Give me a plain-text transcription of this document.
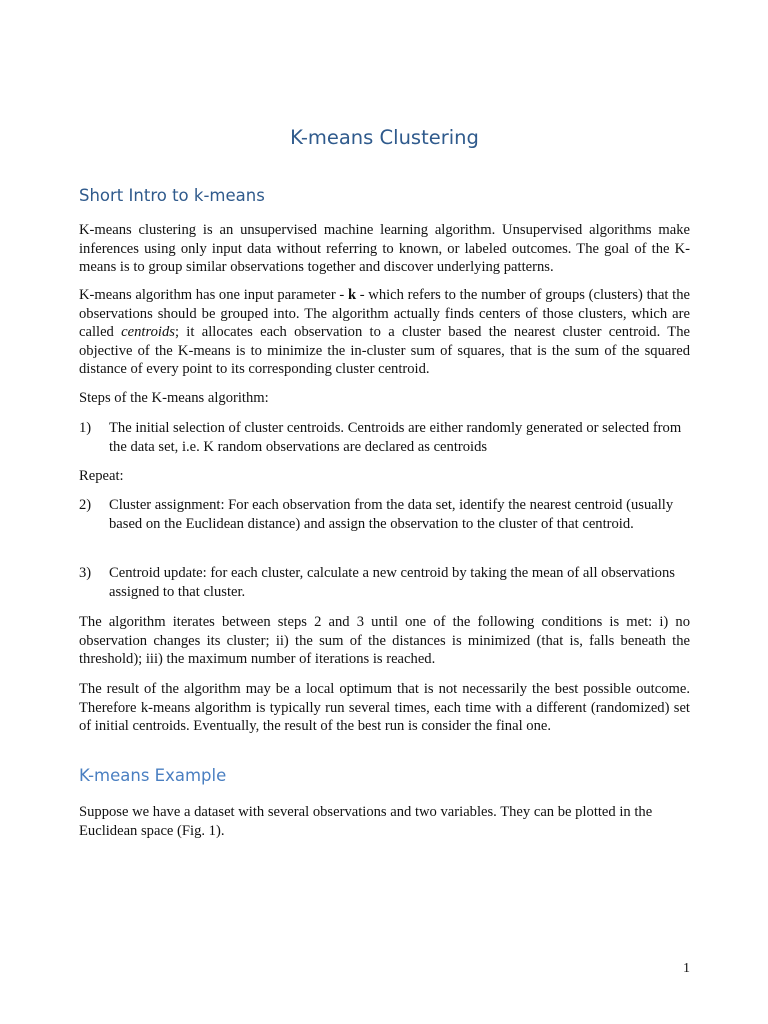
K-means Clustering
Short Intro to k-means

K-means clustering is an unsupervised machine learning algorithm. Unsupervised algorithms make inferences using only input data without referring to known, or labeled outcomes. The goal of the K-means is to group similar observations together and discover underlying patterns.

K-means algorithm has one input parameter - k - which refers to the number of groups (clusters) that the observations should be grouped into. The algorithm actually finds centers of those clusters, which are called centroids; it allocates each observation to a cluster based the nearest cluster centroid. The objective of the K-means is to minimize the in-cluster sum of squares, that is the sum of the squared distance of every point to its corresponding cluster centroid.

Steps of the K-means algorithm:

1) The initial selection of cluster centroids. Centroids are either randomly generated or selected from the data set, i.e. K random observations are declared as centroids

Repeat:

2) Cluster assignment: For each observation from the data set, identify the nearest centroid (usually based on the Euclidean distance) and assign the observation to the cluster of that centroid.
3) Centroid update: for each cluster, calculate a new centroid by taking the mean of all observations assigned to that cluster.

The algorithm iterates between steps 2 and 3 until one of the following conditions is met: i) no observation changes its cluster; ii) the sum of the distances is minimized (that is, falls beneath the threshold); iii) the maximum number of iterations is reached.

The result of the algorithm may be a local optimum that is not necessarily the best possible outcome. Therefore k-means algorithm is typically run several times, each time with a different (randomized) set of initial centroids. Eventually, the result of the best run is consider the final one.

K-means Example

Suppose we have a dataset with several observations and two variables. They can be plotted in the Euclidean space (Fig. 1).

1
